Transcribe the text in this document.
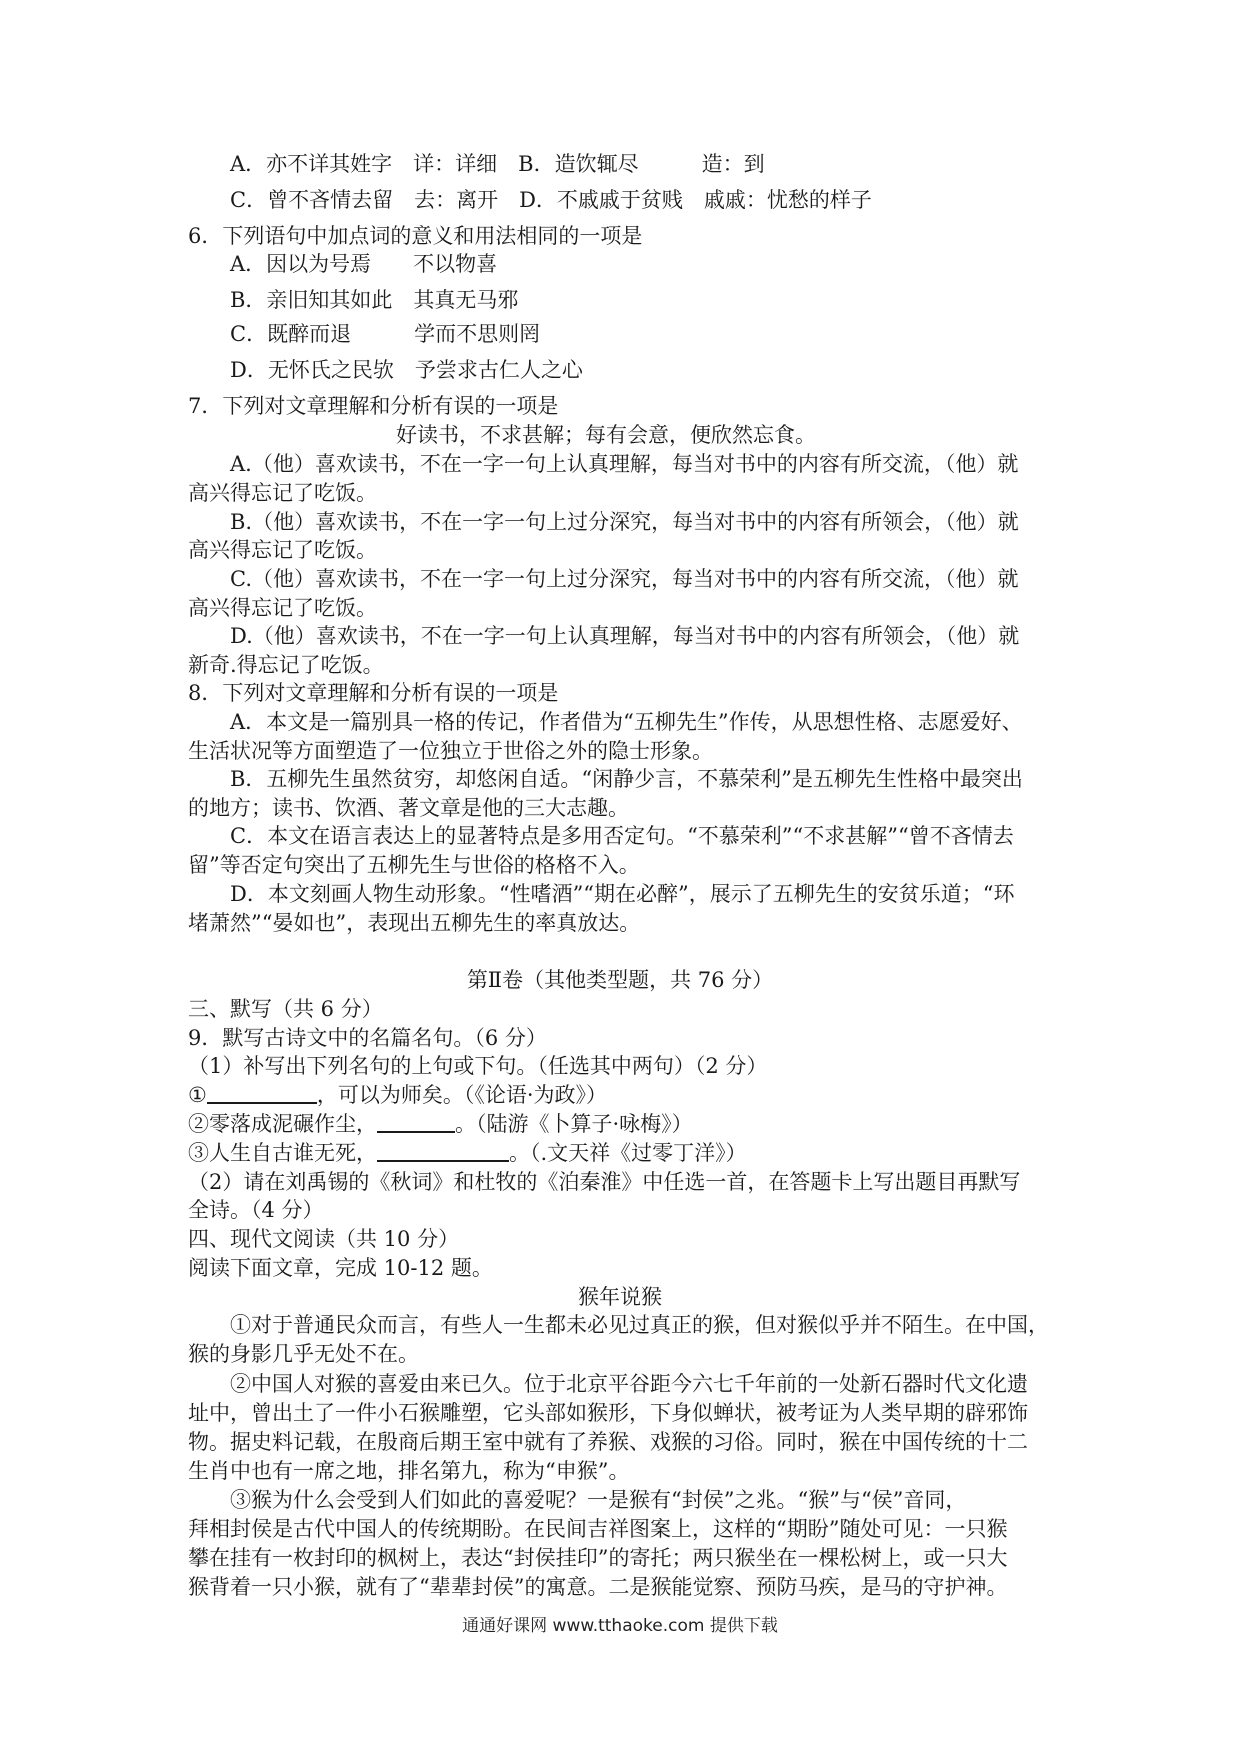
A．亦不详其姓字　详：详细　B．造饮辄尽　　　造：到
C．曾不吝情去留　去：离开　D．不戚戚于贫贱　戚戚：忧愁的样子
6．下列语句中加点词的意义和用法相同的一项是
A．因以为号焉　　不以物喜
B．亲旧知其如此　其真无马邪
C．既醉而退　　　学而不思则罔
D．无怀氏之民欤　予尝求古仁人之心
7．下列对文章理解和分析有误的一项是
好读书，不求甚解；每有会意，便欣然忘食。
A.（他）喜欢读书，不在一字一句上认真理解，每当对书中的内容有所交流，（他）就
高兴得忘记了吃饭。
B.（他）喜欢读书，不在一字一句上过分深究，每当对书中的内容有所领会，（他）就
高兴得忘记了吃饭。
C.（他）喜欢读书，不在一字一句上过分深究，每当对书中的内容有所交流，（他）就
高兴得忘记了吃饭。
D.（他）喜欢读书，不在一字一句上认真理解，每当对书中的内容有所领会，（他）就
新奇.得忘记了吃饭。
8．下列对文章理解和分析有误的一项是
A．本文是一篇别具一格的传记，作者借为“五柳先生”作传，从思想性格、志愿爱好、
生活状况等方面塑造了一位独立于世俗之外的隐士形象。
B．五柳先生虽然贫穷，却悠闲自适。“闲静少言，不慕荣利”是五柳先生性格中最突出
的地方；读书、饮酒、著文章是他的三大志趣。
C．本文在语言表达上的显著特点是多用否定句。“不慕荣利”“不求甚解”“曾不吝情去
留”等否定句突出了五柳先生与世俗的格格不入。
D．本文刻画人物生动形象。“性嗜酒”“期在必醉”，展示了五柳先生的安贫乐道；“环
堵萧然”“晏如也”，表现出五柳先生的率真放达。
第Ⅱ卷（其他类型题，共 76 分）
三、默写（共 6 分）
9．默写古诗文中的名篇名句。（6 分）
（1）补写出下列名句的上句或下句。（任选其中两句）（2 分）
①	，可以为师矣。（《论语·为政》）
②零落成泥碾作尘，	。（陆游《卜算子·咏梅》）
③人生自古谁无死，	。（.文天祥《过零丁洋》）
（2）请在刘禹锡的《秋词》和杜牧的《泊秦淮》中任选一首，在答题卡上写出题目再默写
全诗。（4 分）
四、现代文阅读（共 10 分）
阅读下面文章，完成 10-12 题。
猴年说猴
①对于普通民众而言，有些人一生都未必见过真正的猴，但对猴似乎并不陌生。在中国，
猴的身影几乎无处不在。
②中国人对猴的喜爱由来已久。位于北京平谷距今六七千年前的一处新石器时代文化遗
址中，曾出土了一件小石猴雕塑，它头部如猴形，下身似蝉状，被考证为人类早期的辟邪饰
物。据史料记载，在殷商后期王室中就有了养猴、戏猴的习俗。同时，猴在中国传统的十二
生肖中也有一席之地，排名第九，称为“申猴”。
③猴为什么会受到人们如此的喜爱呢？一是猴有“封侯”之兆。“猴”与“侯”音同，
拜相封侯是古代中国人的传统期盼。在民间吉祥图案上，这样的“期盼”随处可见：一只猴
攀在挂有一枚封印的枫树上，表达“封侯挂印”的寄托；两只猴坐在一棵松树上，或一只大
猴背着一只小猴，就有了“辈辈封侯”的寓意。二是猴能觉察、预防马疾，是马的守护神。
通通好课网 www.tthaoke.com 提供下载
